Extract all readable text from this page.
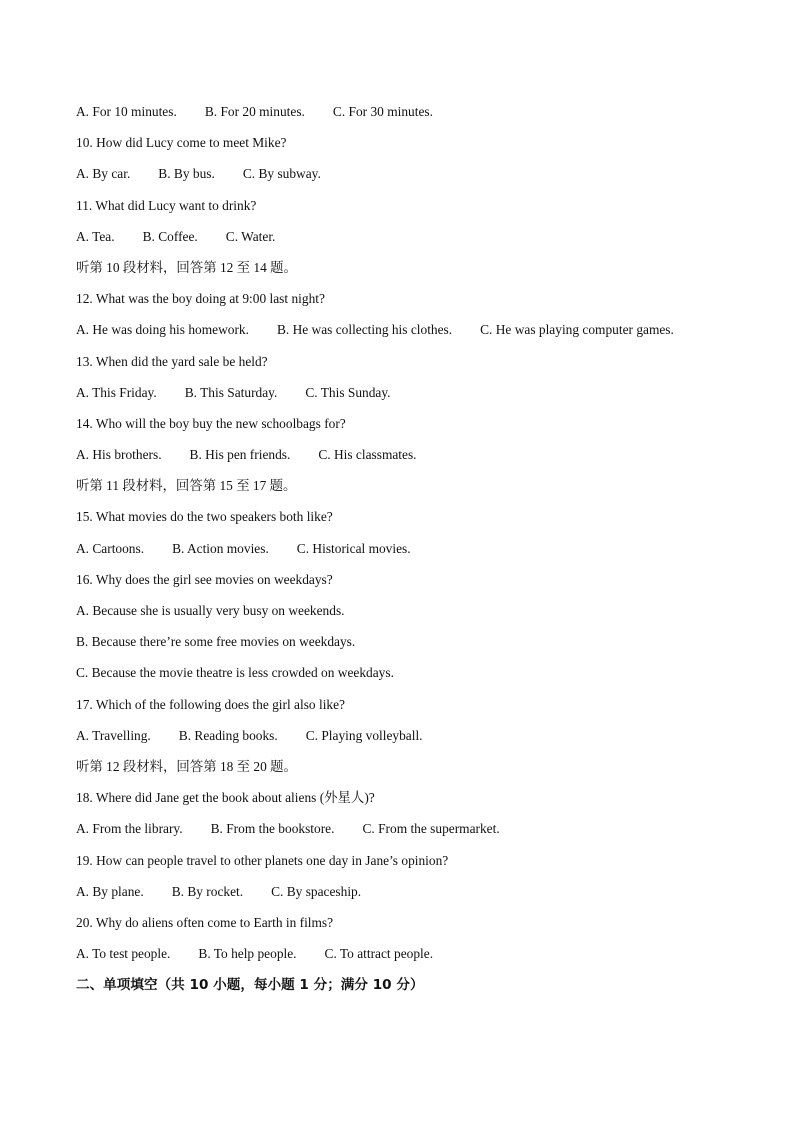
A. For 10 minutes. B. For 20 minutes. C. For 30 minutes.
10. How did Lucy come to meet Mike?
A. By car. B. By bus. C. By subway.
11. What did Lucy want to drink?
A. Tea. B. Coffee. C. Water.
听第 10 段材料，回答第 12 至 14 题。
12. What was the boy doing at 9:00 last night?
A. He was doing his homework. B. He was collecting his clothes. C. He was playing computer games.
13. When did the yard sale be held?
A. This Friday. B. This Saturday. C. This Sunday.
14. Who will the boy buy the new schoolbags for?
A. His brothers. B. His pen friends. C. His classmates.
听第 11 段材料，回答第 15 至 17 题。
15. What movies do the two speakers both like?
A. Cartoons. B. Action movies. C. Historical movies.
16. Why does the girl see movies on weekdays?
A. Because she is usually very busy on weekends.
B. Because there’re some free movies on weekdays.
C. Because the movie theatre is less crowded on weekdays.
17. Which of the following does the girl also like?
A. Travelling. B. Reading books. C. Playing volleyball.
听第 12 段材料，回答第 18 至 20 题。
18. Where did Jane get the book about aliens (外星人)?
A. From the library. B. From the bookstore. C. From the supermarket.
19. How can people travel to other planets one day in Jane’s opinion?
A. By plane. B. By rocket. C. By spaceship.
20. Why do aliens often come to Earth in films?
A. To test people. B. To help people. C. To attract people.
二、单项填空（共 10 小题，每小题 1 分；满分 10 分）
